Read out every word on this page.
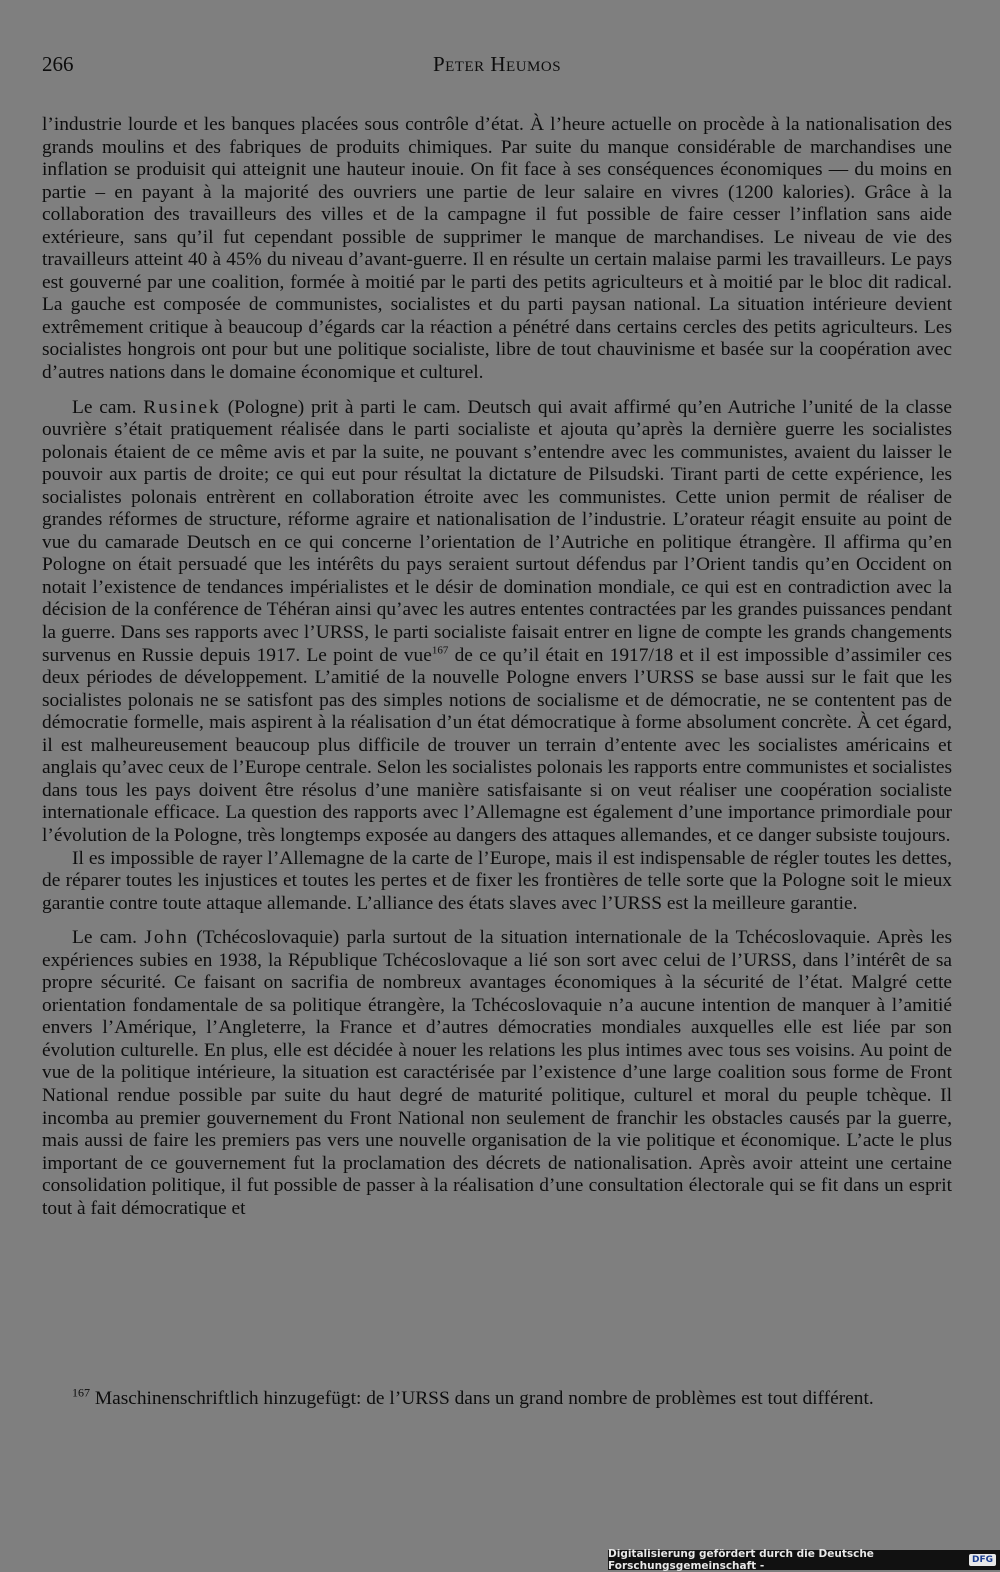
266	Peter Heumos

l’industrie lourde et les banques placées sous contrôle d’état. À l’heure actuelle on procède à la nationalisation des grands moulins et des fabriques de produits chimiques. Par suite du manque considérable de marchandises une inflation se produisit qui atteignit une hauteur inouie. On fit face à ses conséquences économiques — du moins en partie – en payant à la majorité des ouvriers une partie de leur salaire en vivres (1200 kalories). Grâce à la collaboration des travailleurs des villes et de la campagne il fut possible de faire cesser l’inflation sans aide extérieure, sans qu’il fut cependant possible de supprimer le manque de marchandises. Le niveau de vie des travailleurs atteint 40 à 45% du niveau d’avant-guerre. Il en résulte un certain malaise parmi les travailleurs. Le pays est gouverné par une coalition, formée à moitié par le parti des petits agriculteurs et à moitié par le bloc dit radical. La gauche est composée de communistes, socialistes et du parti paysan national. La situation intérieure devient extrêmement critique à beaucoup d’égards car la réaction a pénétré dans certains cercles des petits agriculteurs. Les socialistes hongrois ont pour but une politique socialiste, libre de tout chauvinisme et basée sur la coopération avec d’autres nations dans le domaine économique et culturel.

Le cam. Rusinek (Pologne) prit à parti le cam. Deutsch qui avait affirmé qu’en Autriche l’unité de la classe ouvrière s’était pratiquement réalisée dans le parti socialiste et ajouta qu’après la dernière guerre les socialistes polonais étaient de ce même avis et par la suite, ne pouvant s’entendre avec les communistes, avaient du laisser le pouvoir aux partis de droite; ce qui eut pour résultat la dictature de Pilsudski. Tirant parti de cette expérience, les socialistes polonais entrèrent en collaboration étroite avec les communistes. Cette union permit de réaliser de grandes réformes de structure, réforme agraire et nationalisation de l’industrie. L’orateur réagit ensuite au point de vue du camarade Deutsch en ce qui concerne l’orientation de l’Autriche en politique étrangère. Il affirma qu’en Pologne on était persuadé que les intérêts du pays seraient surtout défendus par l’Orient tandis qu’en Occident on notait l’existence de tendances impérialistes et le désir de domination mondiale, ce qui est en contradiction avec la décision de la conférence de Téhéran ainsi qu’avec les autres ententes contractées par les grandes puissances pendant la guerre. Dans ses rapports avec l’URSS, le parti socialiste faisait entrer en ligne de compte les grands changements survenus en Russie depuis 1917. Le point de vue$^{167}$ de ce qu’il était en 1917/18 et il est impossible d’assimiler ces deux périodes de développement. L’amitié de la nouvelle Pologne envers l’URSS se base aussi sur le fait que les socialistes polonais ne se satisfont pas des simples notions de socialisme et de démocratie, ne se contentent pas de démocratie formelle, mais aspirent à la réalisation d’un état démocratique à forme absolument concrète. À cet égard, il est malheureusement beaucoup plus difficile de trouver un terrain d’entente avec les socialistes américains et anglais qu’avec ceux de l’Europe centrale. Selon les socialistes polonais les rapports entre communistes et socialistes dans tous les pays doivent être résolus d’une manière satisfaisante si on veut réaliser une coopération socialiste internationale efficace. La question des rapports avec l’Allemagne est également d’une importance primordiale pour l’évolution de la Pologne, très longtemps exposée au dangers des attaques allemandes, et ce danger subsiste toujours.

Il es impossible de rayer l’Allemagne de la carte de l’Europe, mais il est indispensable de régler toutes les dettes, de réparer toutes les injustices et toutes les pertes et de fixer les frontières de telle sorte que la Pologne soit le mieux garantie contre toute attaque allemande. L’alliance des états slaves avec l’URSS est la meilleure garantie.

Le cam. John (Tchécoslovaquie) parla surtout de la situation internationale de la Tchécoslovaquie. Après les expériences subies en 1938, la République Tchécoslovaque a lié son sort avec celui de l’URSS, dans l’intérêt de sa propre sécurité. Ce faisant on sacrifia de nombreux avantages économiques à la sécurité de l’état. Malgré cette orientation fondamentale de sa politique étrangère, la Tchécoslovaquie n’a aucune intention de manquer à l’amitié envers l’Amérique, l’Angleterre, la France et d’autres démocraties mondiales auxquelles elle est liée par son évolution culturelle. En plus, elle est décidée à nouer les relations les plus intimes avec tous ses voisins. Au point de vue de la politique intérieure, la situation est caractérisée par l’existence d’une large coalition sous forme de Front National rendue possible par suite du haut degré de maturité politique, culturel et moral du peuple tchèque. Il incomba au premier gouvernement du Front National non seulement de franchir les obstacles causés par la guerre, mais aussi de faire les premiers pas vers une nouvelle organisation de la vie politique et économique. L’acte le plus important de ce gouvernement fut la proclamation des décrets de nationalisation. Après avoir atteint une certaine consolidation politique, il fut possible de passer à la réalisation d’une consultation électorale qui se fit dans un esprit tout à fait démocratique et

$^{167}$ Maschinenschriftlich hinzugefügt: de l’URSS dans un grand nombre de problèmes est tout différent.

Digitalisierung gefördert durch die Deutsche Forschungsgemeinschaft -	DFG
